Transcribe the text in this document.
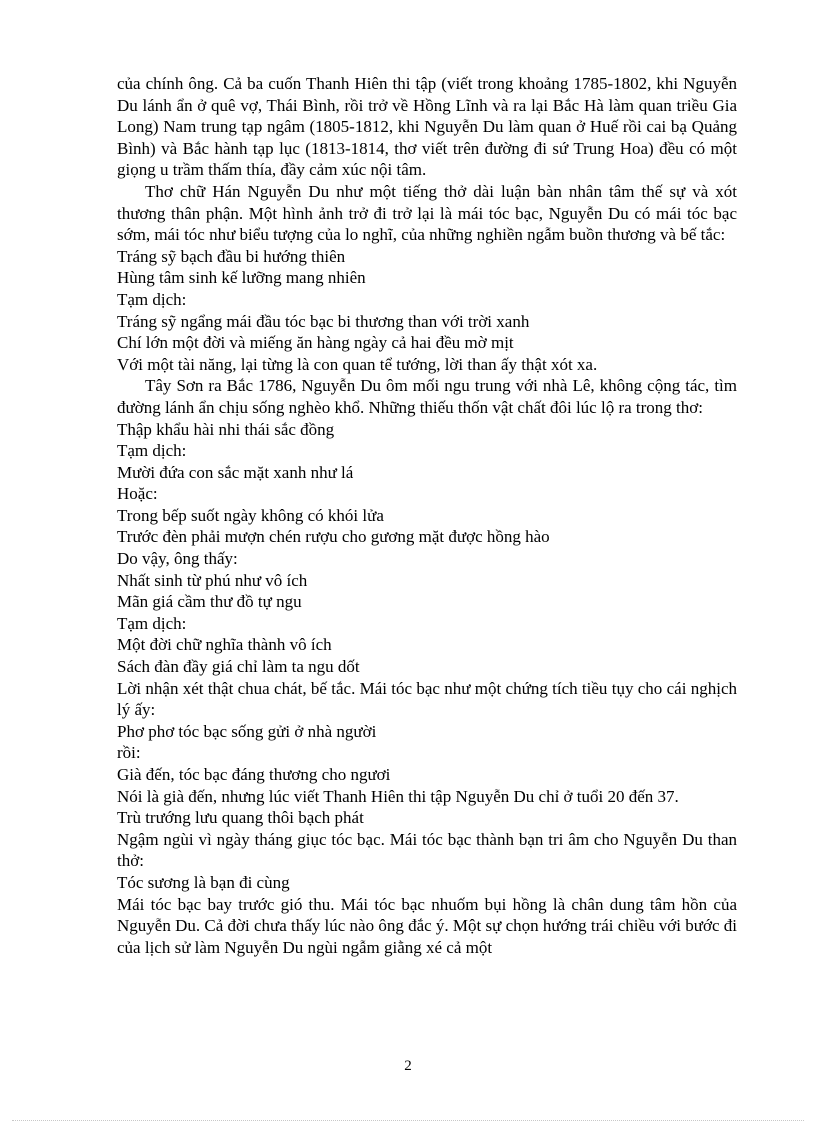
của chính ông. Cả ba cuốn Thanh Hiên thi tập (viết trong khoảng 1785-1802, khi Nguyễn Du lánh ẩn ở quê vợ, Thái Bình, rồi trở về Hồng Lĩnh và ra lại Bắc Hà làm quan triều Gia Long) Nam trung tạp ngâm (1805-1812, khi Nguyễn Du làm quan ở Huế rồi cai bạ Quảng Bình) và Bắc hành tạp lục (1813-1814, thơ viết trên đường đi sứ Trung Hoa) đều có một giọng u trầm thấm thía, đầy cảm xúc nội tâm.

Thơ chữ Hán Nguyễn Du như một tiếng thở dài luận bàn nhân tâm thế sự và xót thương thân phận. Một hình ảnh trở đi trở lại là mái tóc bạc, Nguyễn Du có mái tóc bạc sớm, mái tóc như biểu tượng của lo nghĩ, của những nghiền ngẫm buồn thương và bế tắc:

Tráng sỹ bạch đầu bi hướng thiên

Hùng tâm sinh kế lưỡng mang nhiên

Tạm dịch:

Tráng sỹ ngẩng mái đầu tóc bạc bi thương than với trời xanh

Chí lớn một đời và miếng ăn hàng ngày cả hai đều mờ mịt

Với một tài năng, lại từng là con quan tể tướng, lời than ấy thật xót xa.

Tây Sơn ra Bắc 1786, Nguyễn Du ôm mối ngu trung với nhà Lê, không cộng tác, tìm đường lánh ẩn chịu sống nghèo khổ. Những thiếu thốn vật chất đôi lúc lộ ra trong thơ:

Thập khẩu hài nhi thái sắc đồng

Tạm dịch:

Mười đứa con sắc mặt xanh như lá

Hoặc:

Trong bếp suốt ngày không có khói lửa

Trước đèn phải mượn chén rượu cho gương mặt được hồng hào

Do vậy, ông thấy:

Nhất sinh từ phú như vô ích

Mãn giá cầm thư đồ tự ngu

Tạm dịch:

Một đời chữ nghĩa thành vô ích

Sách đàn đầy giá chỉ làm ta ngu dốt

Lời nhận xét thật chua chát, bế tắc. Mái tóc bạc như một chứng tích tiều tụy cho cái nghịch lý ấy:

Phơ phơ tóc bạc sống gửi ở nhà người

rồi:

Già đến, tóc bạc đáng thương cho ngươi

Nói là già đến, nhưng lúc viết Thanh Hiên thi tập Nguyễn Du chỉ ở tuổi 20 đến 37.

Trù trướng lưu quang thôi bạch phát

Ngậm ngùi vì ngày tháng giục tóc bạc. Mái tóc bạc thành bạn tri âm cho Nguyễn Du than thở:

Tóc sương là bạn đi cùng

Mái tóc bạc bay trước gió thu. Mái tóc bạc nhuốm bụi hồng là chân dung tâm hồn của Nguyễn Du. Cả đời chưa thấy lúc nào ông đắc ý. Một sự chọn hướng trái chiều với bước đi của lịch sử làm Nguyễn Du ngùi ngẫm giằng xé cả một

2
